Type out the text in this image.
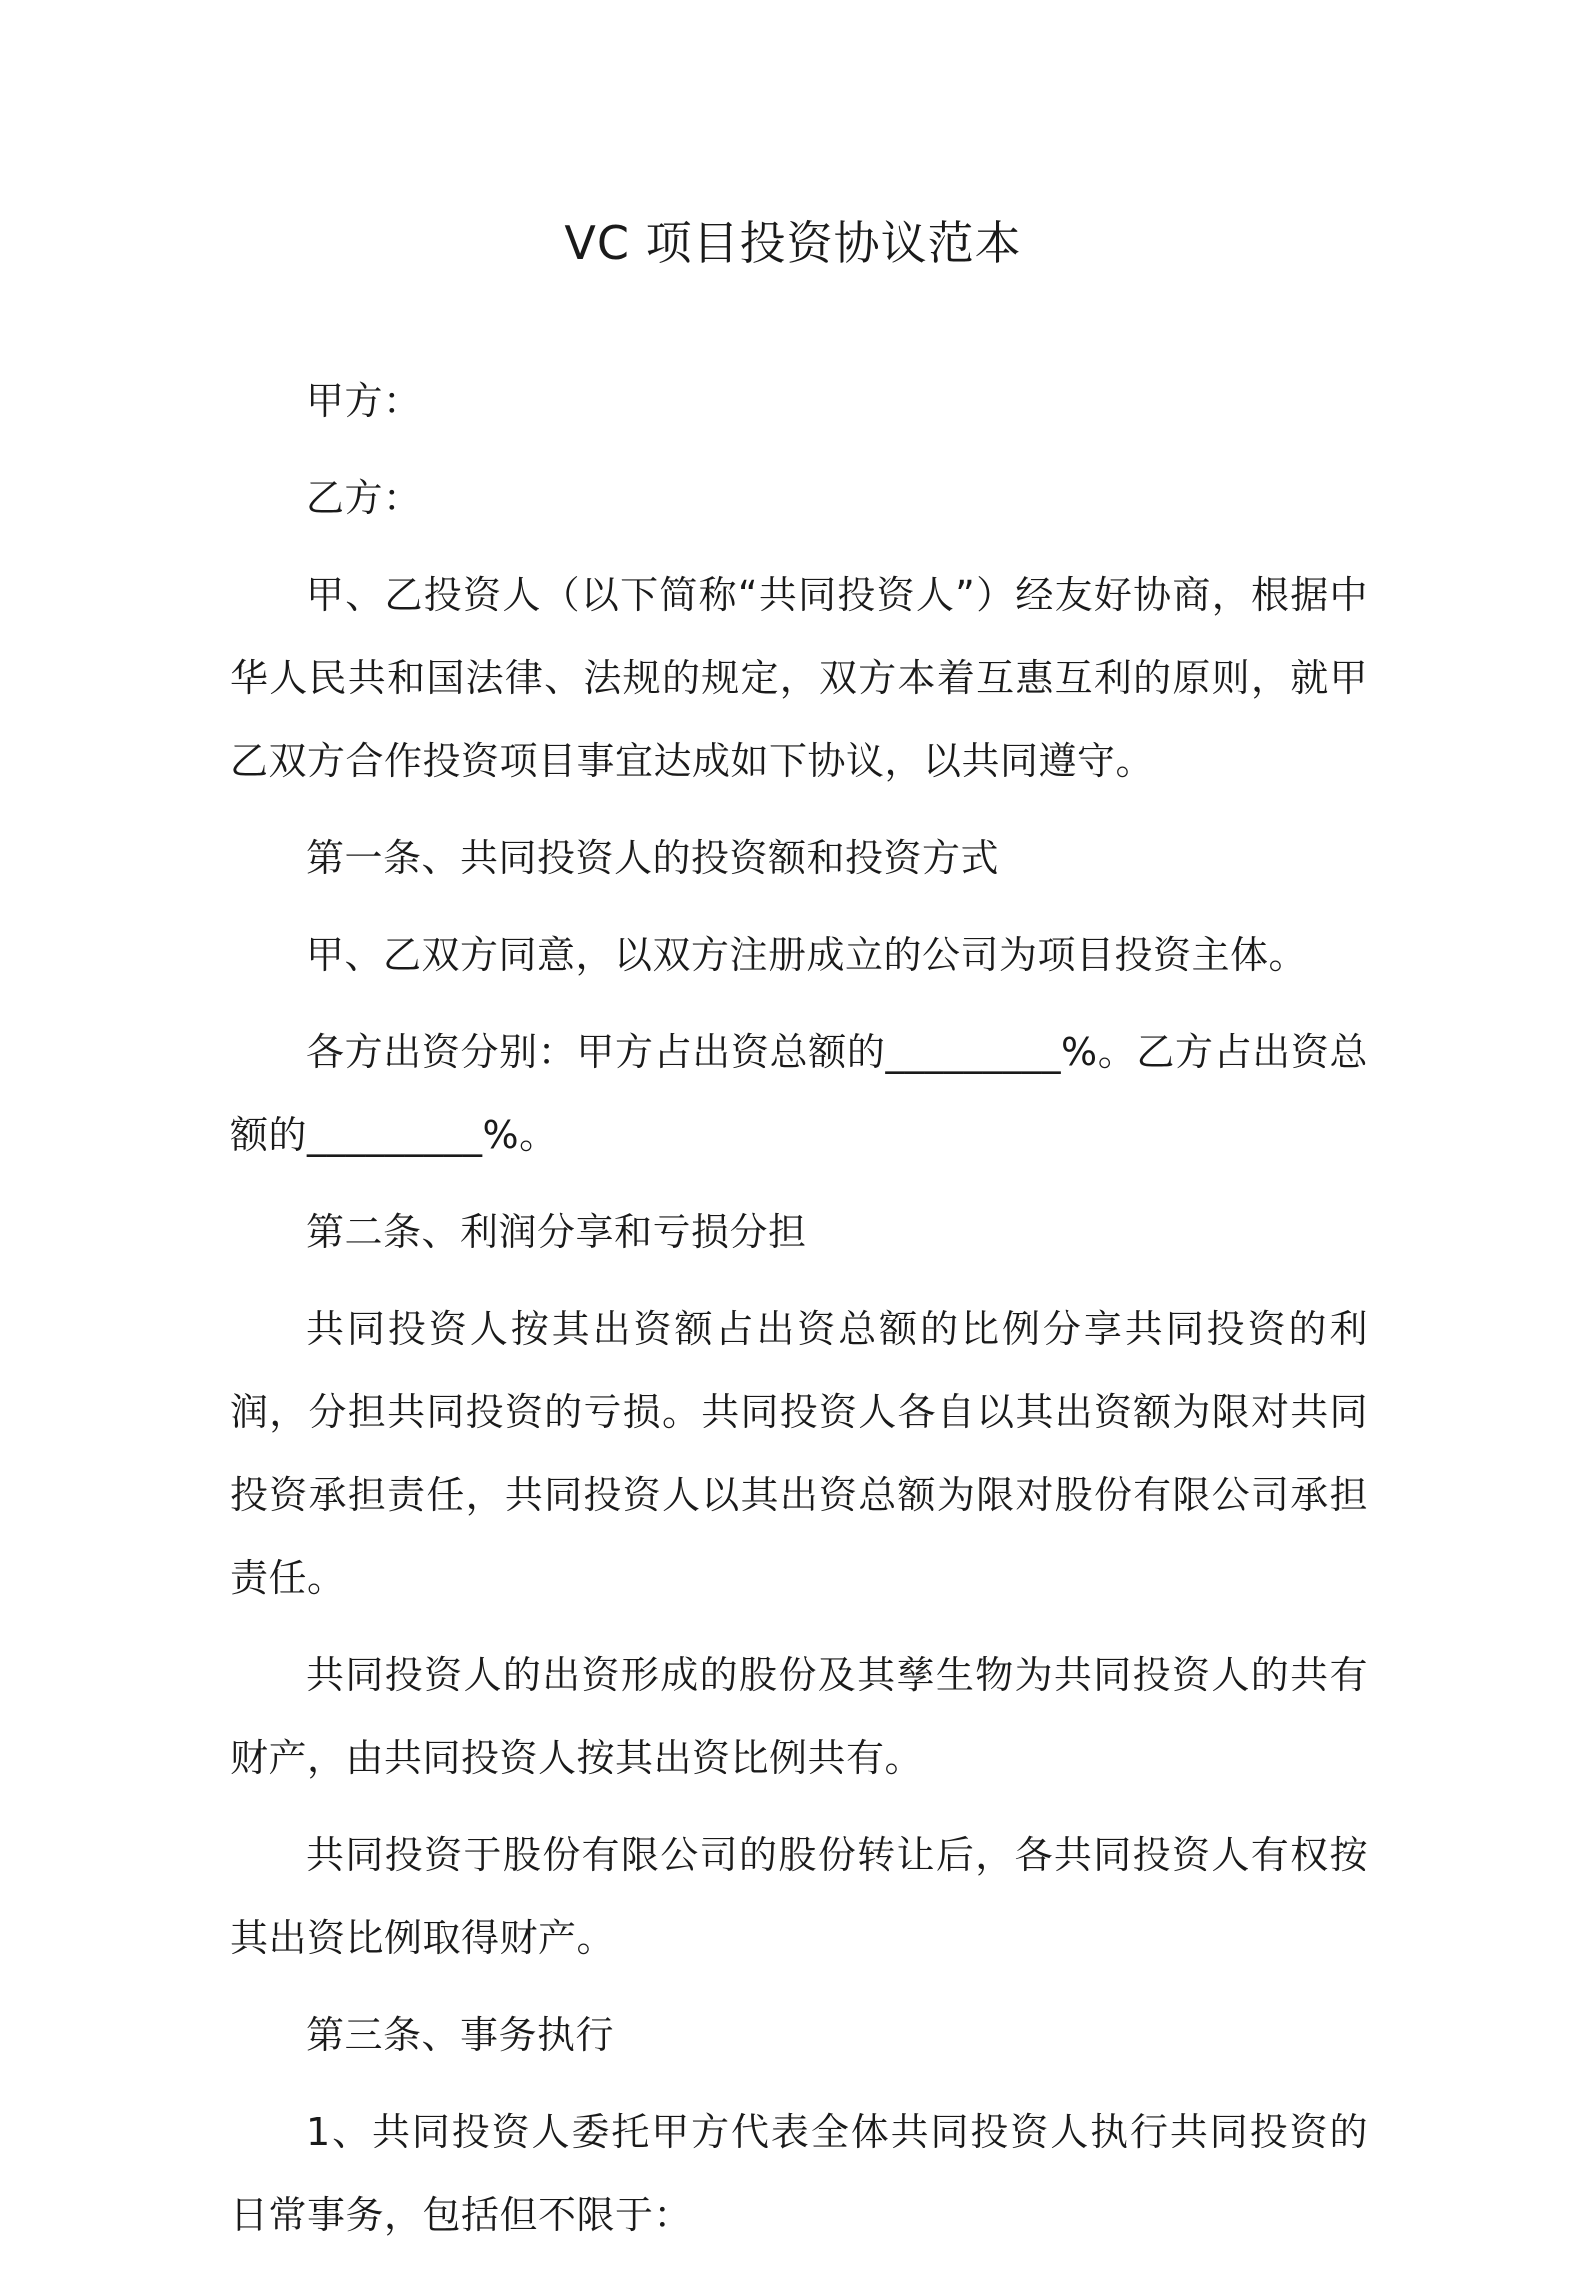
VC 项目投资协议范本

甲方：

乙方：

甲、乙投资人（以下简称“共同投资人”）经友好协商，根据中华人民共和国法律、法规的规定，双方本着互惠互利的原则，就甲乙双方合作投资项目事宜达成如下协议，以共同遵守。

第一条、共同投资人的投资额和投资方式

甲、乙双方同意，以双方注册成立的公司为项目投资主体。

各方出资分别：甲方占出资总额的_________%。乙方占出资总额的_________%。

第二条、利润分享和亏损分担

共同投资人按其出资额占出资总额的比例分享共同投资的利润，分担共同投资的亏损。共同投资人各自以其出资额为限对共同投资承担责任，共同投资人以其出资总额为限对股份有限公司承担责任。

共同投资人的出资形成的股份及其孳生物为共同投资人的共有财产，由共同投资人按其出资比例共有。

共同投资于股份有限公司的股份转让后，各共同投资人有权按其出资比例取得财产。

第三条、事务执行

1、共同投资人委托甲方代表全体共同投资人执行共同投资的日常事务，包括但不限于：
